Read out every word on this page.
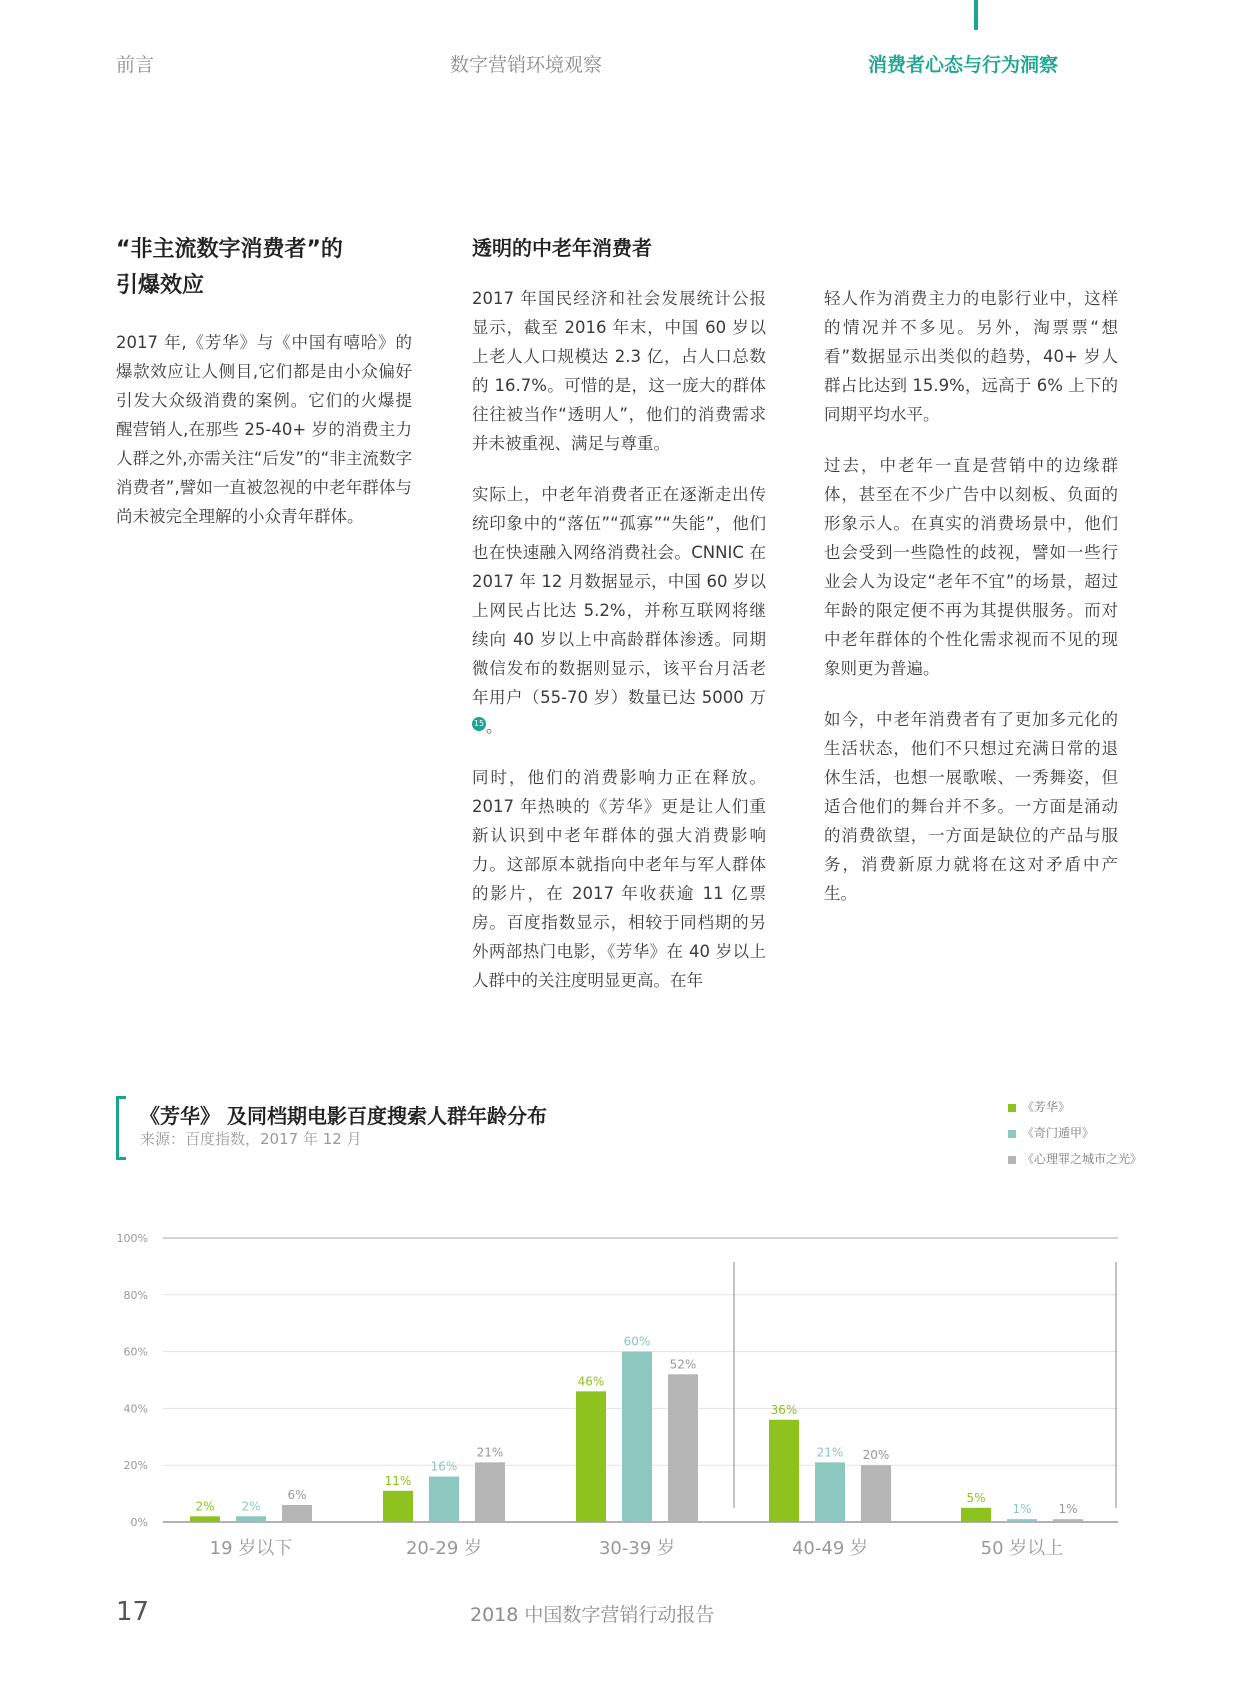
前言	数字营销环境观察	消费者心态与行为洞察
“非主流数字消费者”的
引爆效应

2017 年,《芳华》与《中国有嘻哈》的爆款效应让人侧目,它们都是由小众偏好引发大众级消费的案例。它们的火爆提醒营销人,在那些 25-40+ 岁的消费主力人群之外,亦需关注“后发”的“非主流数字消费者”,譬如一直被忽视的中老年群体与尚未被完全理解的小众青年群体。

透明的中老年消费者

2017 年国民经济和社会发展统计公报显示，截至 2016 年末，中国 60 岁以上老人人口规模达 2.3 亿，占人口总数的 16.7%。可惜的是，这一庞大的群体往往被当作“透明人”，他们的消费需求并未被重视、满足与尊重。

实际上，中老年消费者正在逐渐走出传统印象中的“落伍”“孤寡”“失能”，他们也在快速融入网络消费社会。CNNIC 在 2017 年 12 月数据显示，中国 60 岁以上网民占比达 5.2%，并称互联网将继续向 40 岁以上中高龄群体渗透。同期微信发布的数据则显示，该平台月活老年用户（55-70 岁）数量已达 5000 万15 。

同时，他们的消费影响力正在释放。2017 年热映的《芳华》更是让人们重新认识到中老年群体的强大消费影响力。这部原本就指向中老年与军人群体的影片，在 2017 年收获逾 11 亿票房。百度指数显示，相较于同档期的另外两部热门电影，《芳华》在 40 岁以上人群中的关注度明显更高。在年

轻人作为消费主力的电影行业中，这样的情况并不多见。另外，淘票票“想看”数据显示出类似的趋势，40+ 岁人群占比达到 15.9%，远高于 6% 上下的同期平均水平。

过去，中老年一直是营销中的边缘群体，甚至在不少广告中以刻板、负面的形象示人。在真实的消费场景中，他们也会受到一些隐性的歧视，譬如一些行业会人为设定“老年不宜”的场景，超过年龄的限定便不再为其提供服务。而对中老年群体的个性化需求视而不见的现象则更为普遍。

如今，中老年消费者有了更加多元化的生活状态，他们不只想过充满日常的退休生活，也想一展歌喉、一秀舞姿，但适合他们的舞台并不多。一方面是涌动的消费欲望，一方面是缺位的产品与服务，消费新原力就将在这对矛盾中产生。

《芳华》 及同档期电影百度搜索人群年龄分布
来源：百度指数，2017 年 12 月
《芳华》
《奇门遁甲》
《心理罪之城市之光》
0%
20%
40%
60%
80%
100%
2% 2%
6%
19 岁以下
11%
16%
21%
20-29 岁
46%
60%
52%
30-39 岁
36%
21% 20%
40-49 岁
5%
1% 1%
50 岁以上
17	2018 中国数字营销行动报告
